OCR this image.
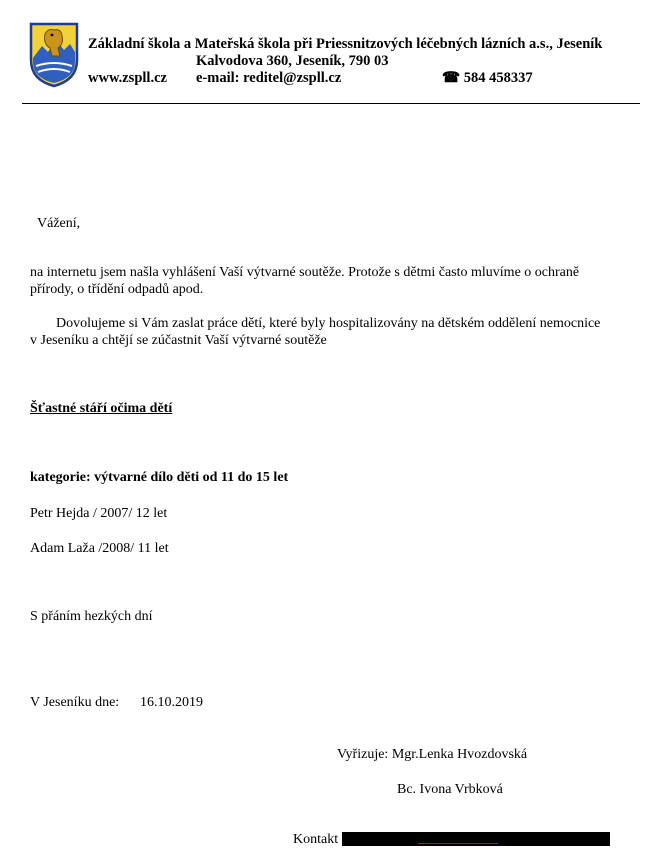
Základní škola a Mateřská škola při Priessnitzových léčebných lázních a.s., Jeseník
Kalvodova 360, Jeseník, 790 03
www.zspll.cz e-mail: reditel@zspll.cz	☎ 584 458337
Vážení,
na internetu jsem našla vyhlášení Vaší výtvarné soutěže. Protože s dětmi často mluvíme o ochraně přírody, o třídění odpadů apod.
Dovolujeme si Vám zaslat práce dětí, které byly hospitalizovány na dětském oddělení nemocnice v Jeseníku a chtějí se zúčastnit Vaší výtvarné soutěže
Šťastné stáří očima dětí
kategorie: výtvarné dílo děti od 11 do 15 let
Petr Hejda / 2007/ 12 let
Adam Laža /2008/ 11 let
S přáním hezkých dní
V Jeseníku dne: 16.10.2019
Vyřizuje: Mgr.Lenka Hvozdovská
Bc. Ivona Vrbková
Kontakt
